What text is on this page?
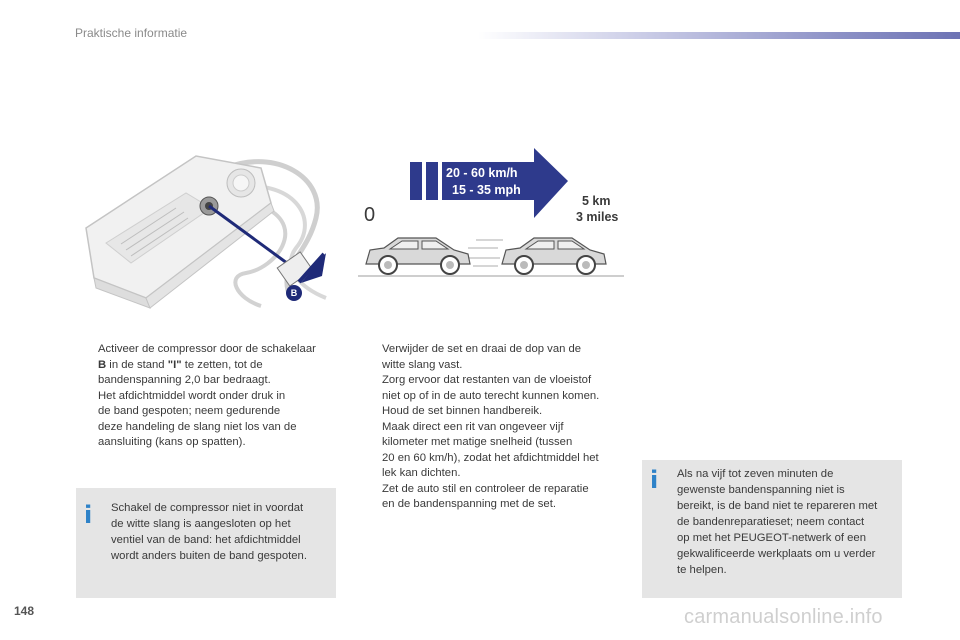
Praktische informatie
B
20 - 60 km/h
15 - 35 mph
0
5 km
3 miles

Activeer de compressor door de schakelaar

B in de stand "I" te zetten, tot de

bandenspanning 2,0 bar bedraagt.

Het afdichtmiddel wordt onder druk in

de band gespoten; neem gedurende

deze handeling de slang niet los van de

aansluiting (kans op spatten).

i Schakel de compressor niet in voordat
de witte slang is aangesloten op het
ventiel van de band: het afdichtmiddel
wordt anders buiten de band gespoten.

Verwijder de set en draai de dop van de

witte slang vast.

Zorg ervoor dat restanten van de vloeistof

niet op of in de auto terecht kunnen komen.

Houd de set binnen handbereik.

Maak direct een rit van ongeveer vijf

kilometer met matige snelheid (tussen

20 en 60 km/h), zodat het afdichtmiddel het

lek kan dichten.

Zet de auto stil en controleer de reparatie

en de bandenspanning met de set.

i Als na vijf tot zeven minuten de
gewenste bandenspanning niet is
bereikt, is de band niet te repareren met
de bandenreparatieset; neem contact
op met het PEUGEOT-netwerk of een
gekwalificeerde werkplaats om u verder
te helpen.
148	carmanualsonline.info
